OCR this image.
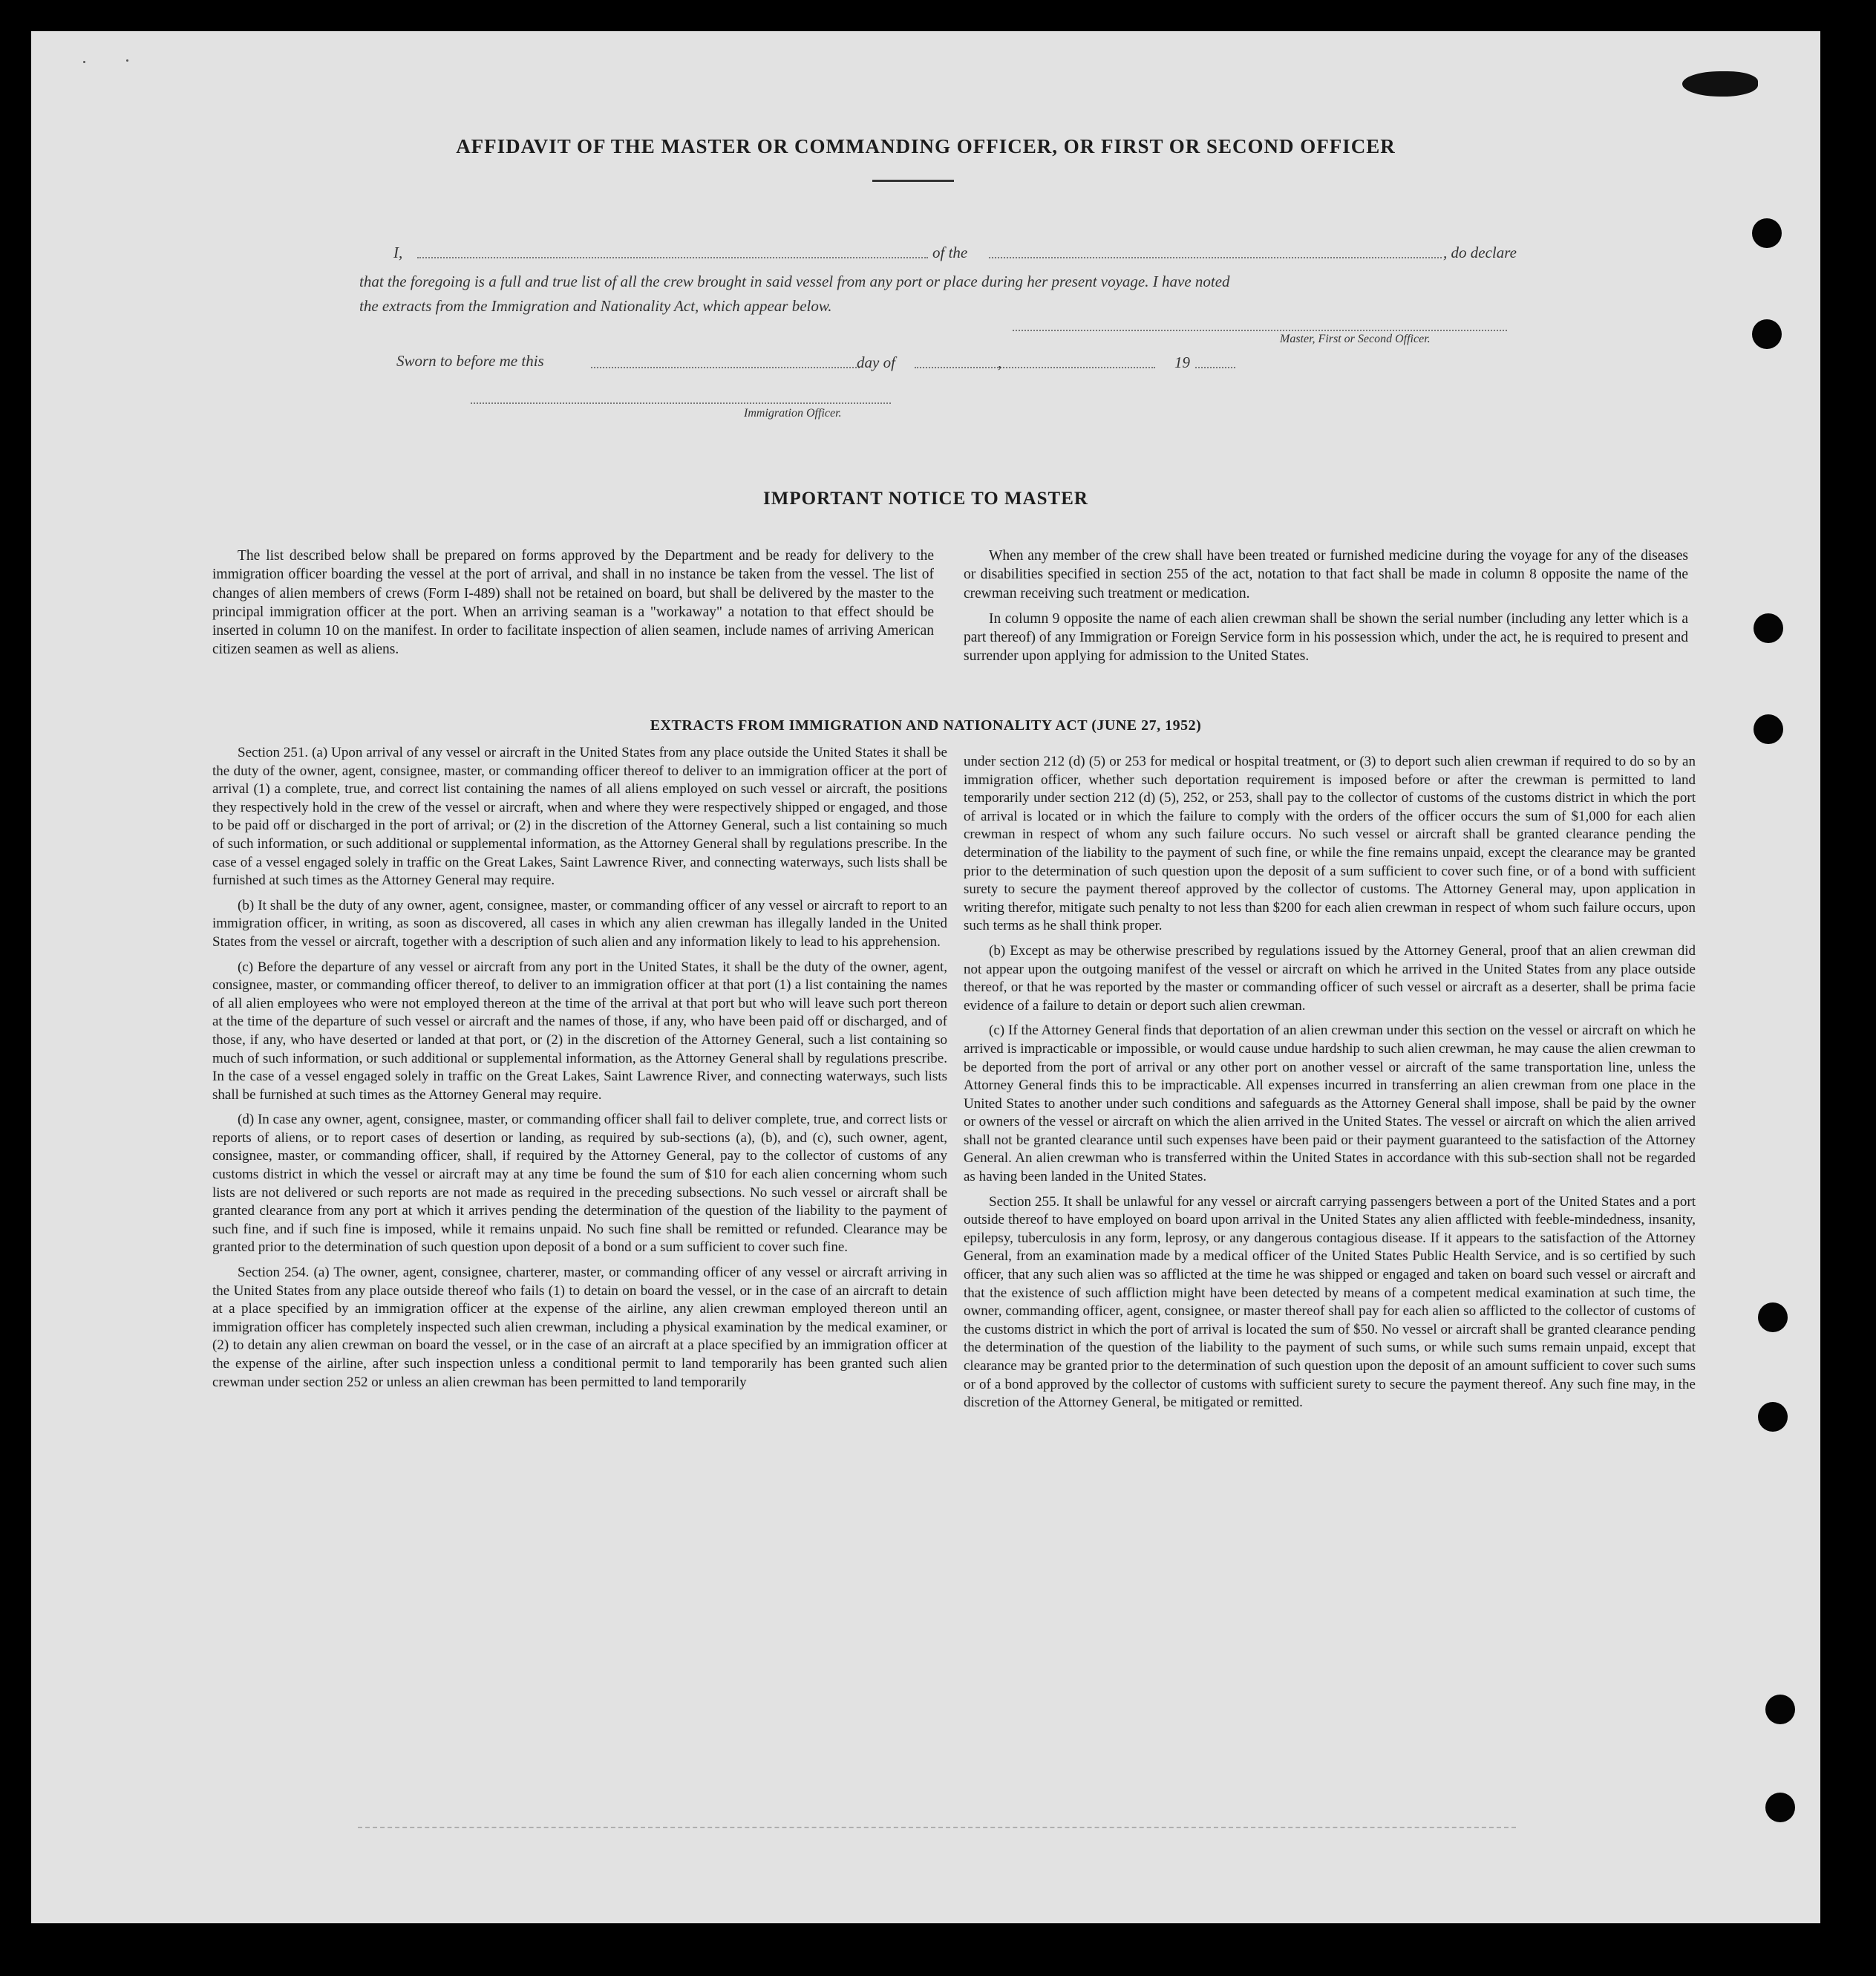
AFFIDAVIT OF THE MASTER OR COMMANDING OFFICER, OR FIRST OR SECOND OFFICER
I,	of the	, do declare
that the foregoing is a full and true list of all the crew brought in said vessel from any port or place during her present voyage. I have noted
the extracts from the Immigration and Nationality Act, which appear below.
Master, First or Second Officer.
Sworn to before me this	day of	,	19
Immigration Officer.
IMPORTANT NOTICE TO MASTER

The list described below shall be prepared on forms approved by the Department and be ready for delivery to the immigration officer boarding the vessel at the port of arrival, and shall in no instance be taken from the vessel. The list of changes of alien members of crews (Form I-489) shall not be retained on board, but shall be delivered by the master to the principal immigration officer at the port. When an arriving seaman is a "workaway" a notation to that effect should be inserted in column 10 on the manifest. In order to facilitate inspection of alien seamen, include names of arriving American citizen seamen as well as aliens.

When any member of the crew shall have been treated or furnished medicine during the voyage for any of the diseases or disabilities specified in section 255 of the act, notation to that fact shall be made in column 8 opposite the name of the crewman receiving such treatment or medication.

In column 9 opposite the name of each alien crewman shall be shown the serial number (including any letter which is a part thereof) of any Immigration or Foreign Service form in his possession which, under the act, he is required to present and surrender upon applying for admission to the United States.

EXTRACTS FROM IMMIGRATION AND NATIONALITY ACT (JUNE 27, 1952)

Section 251. (a) Upon arrival of any vessel or aircraft in the United States from any place outside the United States it shall be the duty of the owner, agent, consignee, master, or commanding officer thereof to deliver to an immigration officer at the port of arrival (1) a complete, true, and correct list containing the names of all aliens employed on such vessel or aircraft, the positions they respectively hold in the crew of the vessel or aircraft, when and where they were respectively shipped or engaged, and those to be paid off or discharged in the port of arrival; or (2) in the discretion of the Attorney General, such a list containing so much of such information, or such additional or supplemental information, as the Attorney General shall by regulations prescribe. In the case of a vessel engaged solely in traffic on the Great Lakes, Saint Lawrence River, and connecting waterways, such lists shall be furnished at such times as the Attorney General may require.

(b) It shall be the duty of any owner, agent, consignee, master, or commanding officer of any vessel or aircraft to report to an immigration officer, in writing, as soon as discovered, all cases in which any alien crewman has illegally landed in the United States from the vessel or aircraft, together with a description of such alien and any information likely to lead to his apprehension.

(c) Before the departure of any vessel or aircraft from any port in the United States, it shall be the duty of the owner, agent, consignee, master, or commanding officer thereof, to deliver to an immigration officer at that port (1) a list containing the names of all alien employees who were not employed thereon at the time of the arrival at that port but who will leave such port thereon at the time of the departure of such vessel or aircraft and the names of those, if any, who have been paid off or discharged, and of those, if any, who have deserted or landed at that port, or (2) in the discretion of the Attorney General, such a list containing so much of such information, or such additional or supplemental information, as the Attorney General shall by regulations prescribe. In the case of a vessel engaged solely in traffic on the Great Lakes, Saint Lawrence River, and connecting waterways, such lists shall be furnished at such times as the Attorney General may require.

(d) In case any owner, agent, consignee, master, or commanding officer shall fail to deliver complete, true, and correct lists or reports of aliens, or to report cases of desertion or landing, as required by sub-sections (a), (b), and (c), such owner, agent, consignee, master, or commanding officer, shall, if required by the Attorney General, pay to the collector of customs of any customs district in which the vessel or aircraft may at any time be found the sum of $10 for each alien concerning whom such lists are not delivered or such reports are not made as required in the preceding subsections. No such vessel or aircraft shall be granted clearance from any port at which it arrives pending the determination of the question of the liability to the payment of such fine, and if such fine is imposed, while it remains unpaid. No such fine shall be remitted or refunded. Clearance may be granted prior to the determination of such question upon deposit of a bond or a sum sufficient to cover such fine.

Section 254. (a) The owner, agent, consignee, charterer, master, or commanding officer of any vessel or aircraft arriving in the United States from any place outside thereof who fails (1) to detain on board the vessel, or in the case of an aircraft to detain at a place specified by an immigration officer at the expense of the airline, any alien crewman employed thereon until an immigration officer has completely inspected such alien crewman, including a physical examination by the medical examiner, or (2) to detain any alien crewman on board the vessel, or in the case of an aircraft at a place specified by an immigration officer at the expense of the airline, after such inspection unless a conditional permit to land temporarily has been granted such alien crewman under section 252 or unless an alien crewman has been permitted to land temporarily

under section 212 (d) (5) or 253 for medical or hospital treatment, or (3) to deport such alien crewman if required to do so by an immigration officer, whether such deportation requirement is imposed before or after the crewman is permitted to land temporarily under section 212 (d) (5), 252, or 253, shall pay to the collector of customs of the customs district in which the port of arrival is located or in which the failure to comply with the orders of the officer occurs the sum of $1,000 for each alien crewman in respect of whom any such failure occurs. No such vessel or aircraft shall be granted clearance pending the determination of the liability to the payment of such fine, or while the fine remains unpaid, except the clearance may be granted prior to the determination of such question upon the deposit of a sum sufficient to cover such fine, or of a bond with sufficient surety to secure the payment thereof approved by the collector of customs. The Attorney General may, upon application in writing therefor, mitigate such penalty to not less than $200 for each alien crewman in respect of whom such failure occurs, upon such terms as he shall think proper.

(b) Except as may be otherwise prescribed by regulations issued by the Attorney General, proof that an alien crewman did not appear upon the outgoing manifest of the vessel or aircraft on which he arrived in the United States from any place outside thereof, or that he was reported by the master or commanding officer of such vessel or aircraft as a deserter, shall be prima facie evidence of a failure to detain or deport such alien crewman.

(c) If the Attorney General finds that deportation of an alien crewman under this section on the vessel or aircraft on which he arrived is impracticable or impossible, or would cause undue hardship to such alien crewman, he may cause the alien crewman to be deported from the port of arrival or any other port on another vessel or aircraft of the same transportation line, unless the Attorney General finds this to be impracticable. All expenses incurred in transferring an alien crewman from one place in the United States to another under such conditions and safeguards as the Attorney General shall impose, shall be paid by the owner or owners of the vessel or aircraft on which the alien arrived in the United States. The vessel or aircraft on which the alien arrived shall not be granted clearance until such expenses have been paid or their payment guaranteed to the satisfaction of the Attorney General. An alien crewman who is transferred within the United States in accordance with this sub-section shall not be regarded as having been landed in the United States.

Section 255. It shall be unlawful for any vessel or aircraft carrying passengers between a port of the United States and a port outside thereof to have employed on board upon arrival in the United States any alien afflicted with feeble-mindedness, insanity, epilepsy, tuberculosis in any form, leprosy, or any dangerous contagious disease. If it appears to the satisfaction of the Attorney General, from an examination made by a medical officer of the United States Public Health Service, and is so certified by such officer, that any such alien was so afflicted at the time he was shipped or engaged and taken on board such vessel or aircraft and that the existence of such affliction might have been detected by means of a competent medical examination at such time, the owner, commanding officer, agent, consignee, or master thereof shall pay for each alien so afflicted to the collector of customs of the customs district in which the port of arrival is located the sum of $50. No vessel or aircraft shall be granted clearance pending the determination of the question of the liability to the payment of such sums, or while such sums remain unpaid, except that clearance may be granted prior to the determination of such question upon the deposit of an amount sufficient to cover such sums or of a bond approved by the collector of customs with sufficient surety to secure the payment thereof. Any such fine may, in the discretion of the Attorney General, be mitigated or remitted.
